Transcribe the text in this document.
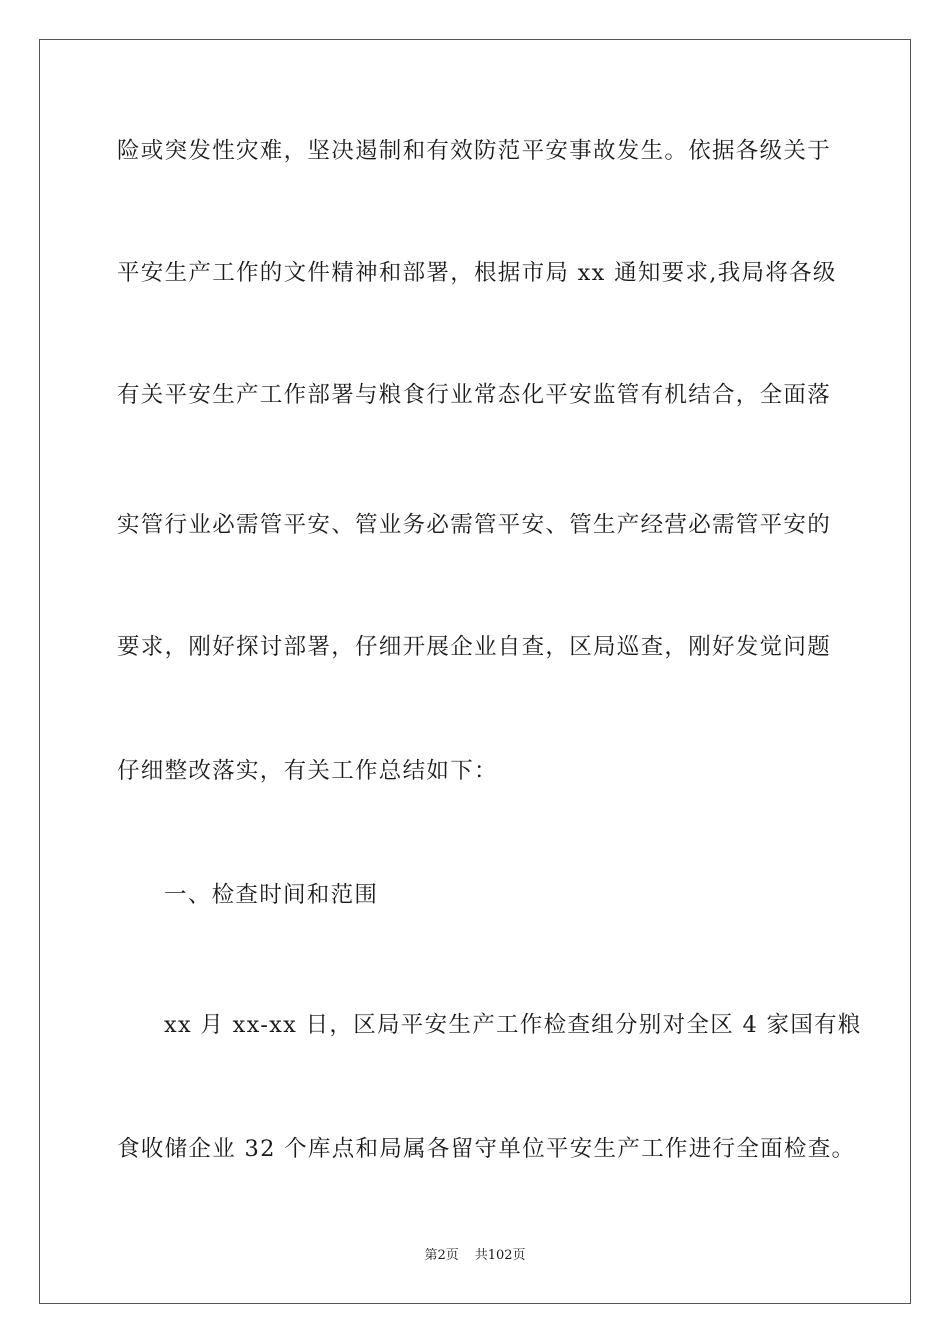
险或突发性灾难，坚决遏制和有效防范平安事故发生。依据各级关于
平安生产工作的文件精神和部署，根据市局 xx 通知要求,我局将各级
有关平安生产工作部署与粮食行业常态化平安监管有机结合，全面落
实管行业必需管平安、管业务必需管平安、管生产经营必需管平安的
要求，刚好探讨部署，仔细开展企业自查，区局巡查，刚好发觉问题
仔细整改落实，有关工作总结如下：
一、检查时间和范围
xx 月 xx-xx 日，区局平安生产工作检查组分别对全区 4 家国有粮
食收储企业 32 个库点和局属各留守单位平安生产工作进行全面检查。
第2页 共102页
